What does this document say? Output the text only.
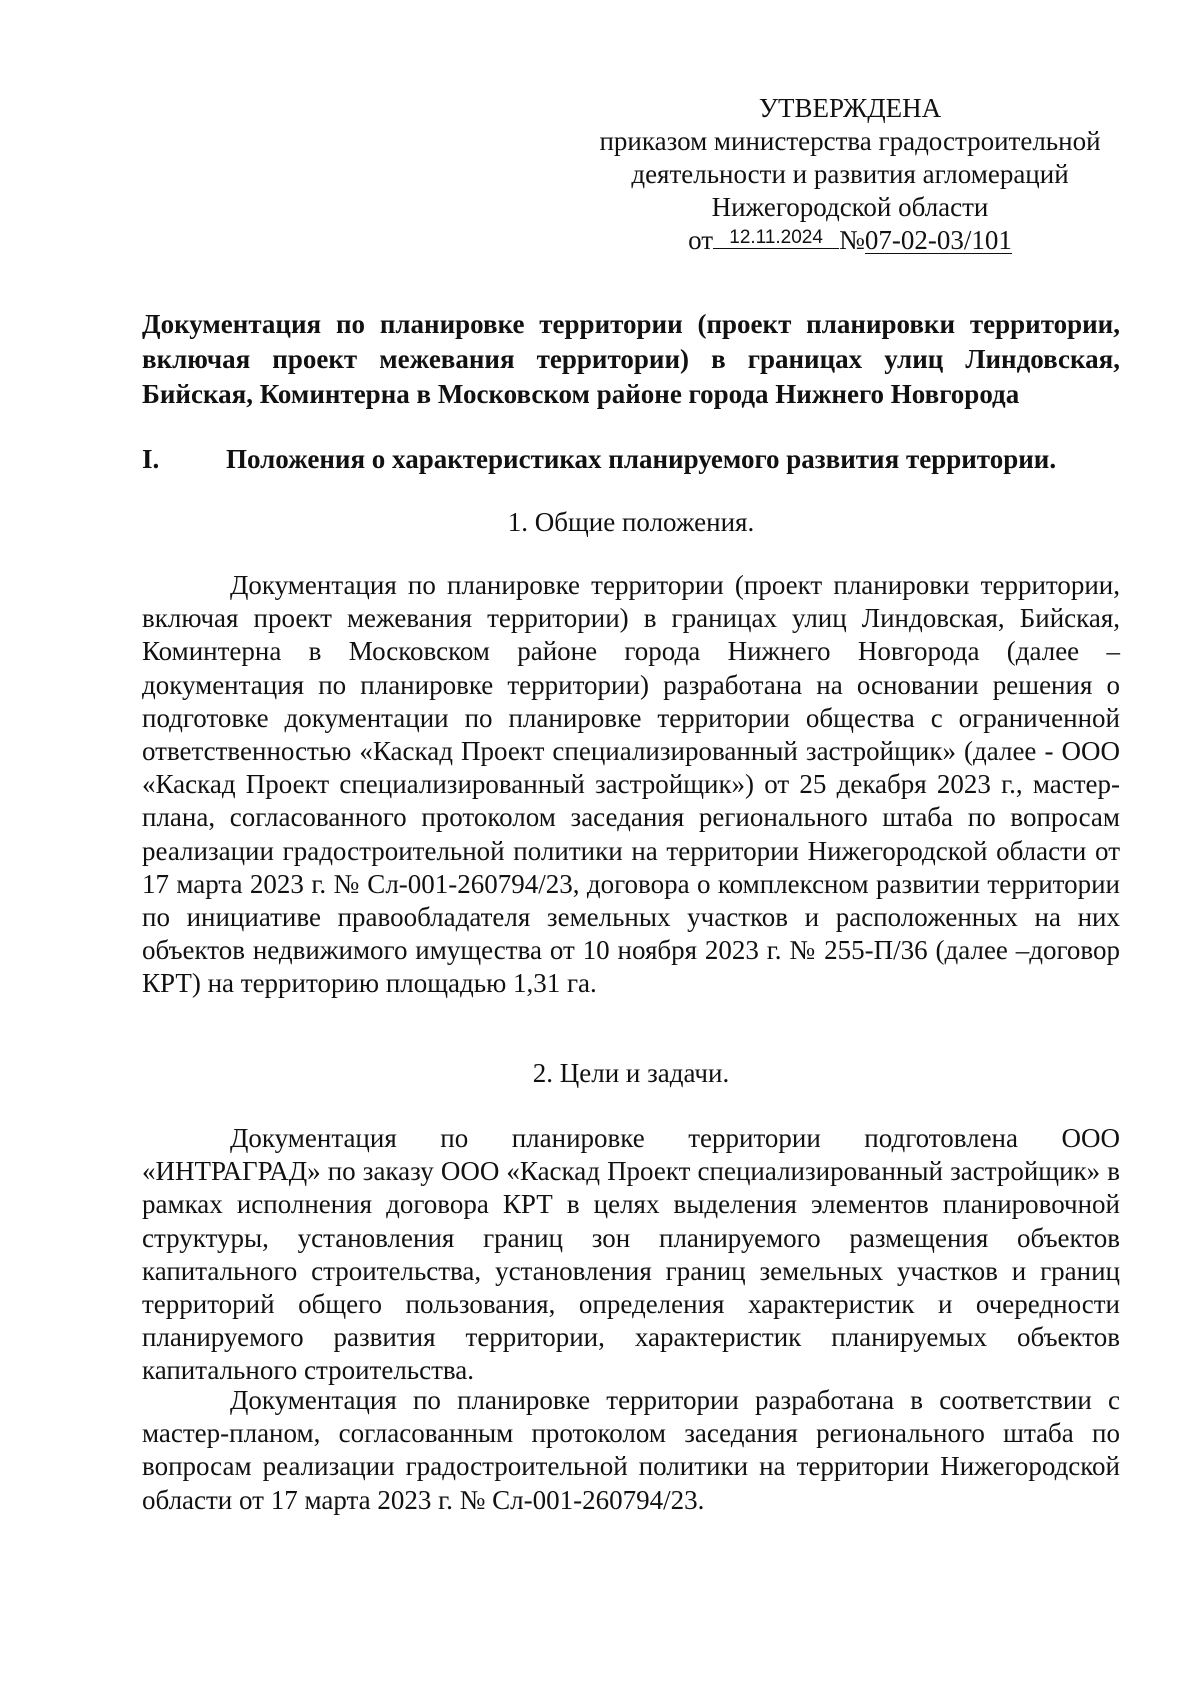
УТВЕРЖДЕНА
приказом министерства градостроительной
деятельности и развития агломераций
Нижегородской области
от 12.11.2024 №07-02-03/101
Документация по планировке территории (проект планировки территории, включая проект межевания территории) в границах улиц Линдовская, Бийская, Коминтерна в Московском районе города Нижнего Новгорода
I. Положения о характеристиках планируемого развития территории.
1. Общие положения.

Документация по планировке территории (проект планировки территории, включая проект межевания территории) в границах улиц Линдовская, Бийская, Коминтерна в Московском районе города Нижнего Новгорода (далее – документация по планировке территории) разработана на основании решения о подготовке документации по планировке территории общества с ограниченной ответственностью «Каскад Проект специализированный застройщик» (далее - ООО «Каскад Проект специализированный застройщик») от 25 декабря 2023 г., мастер-плана, согласованного протоколом заседания регионального штаба по вопросам реализации градостроительной политики на территории Нижегородской области от 17 марта 2023 г. № Сл-001-260794/23, договора о комплексном развитии территории по инициативе правообладателя земельных участков и расположенных на них объектов недвижимого имущества от 10 ноября 2023 г. № 255-П/36 (далее –договор КРТ) на территорию площадью 1,31 га.

2. Цели и задачи.

Документация по планировке территории подготовлена ООО «ИНТРАГРАД» по заказу ООО «Каскад Проект специализированный застройщик» в рамках исполнения договора КРТ в целях выделения элементов планировочной структуры, установления границ зон планируемого размещения объектов капитального строительства, установления границ земельных участков и границ территорий общего пользования, определения характеристик и очередности планируемого развития территории, характеристик планируемых объектов капитального строительства.

Документация по планировке территории разработана в соответствии с мастер-планом, согласованным протоколом заседания регионального штаба по вопросам реализации градостроительной политики на территории Нижегородской области от 17 марта 2023 г. № Сл-001-260794/23.
